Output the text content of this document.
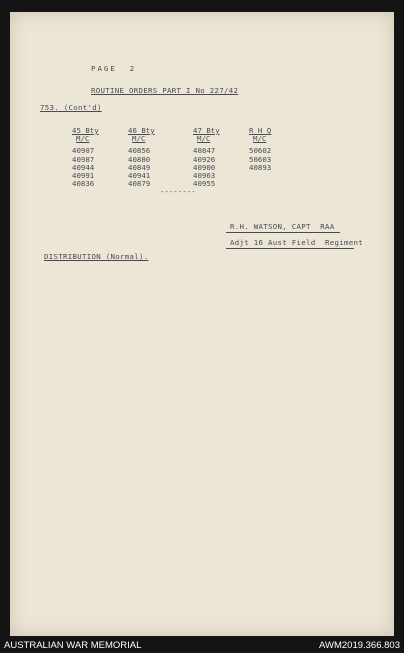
PAGE  2
ROUTINE ORDERS PART I No 227/42
753. (Cont'd)
45 Bty
M/C
40907
40987
40944
40991
40836
46 Bty
M/C
40856
40880
40849
40941
40879
47 Bty
M/C
40847
40926
40900
40963
40955
R H Q
M/C
50602
50603
40893
--------
R.H. WATSON, CAPT  RAA
Adjt 16 Aust Field  Regiment
DISTRIBUTION (Normal).
AUSTRALIAN WAR MEMORIAL	AWM2019.366.803
